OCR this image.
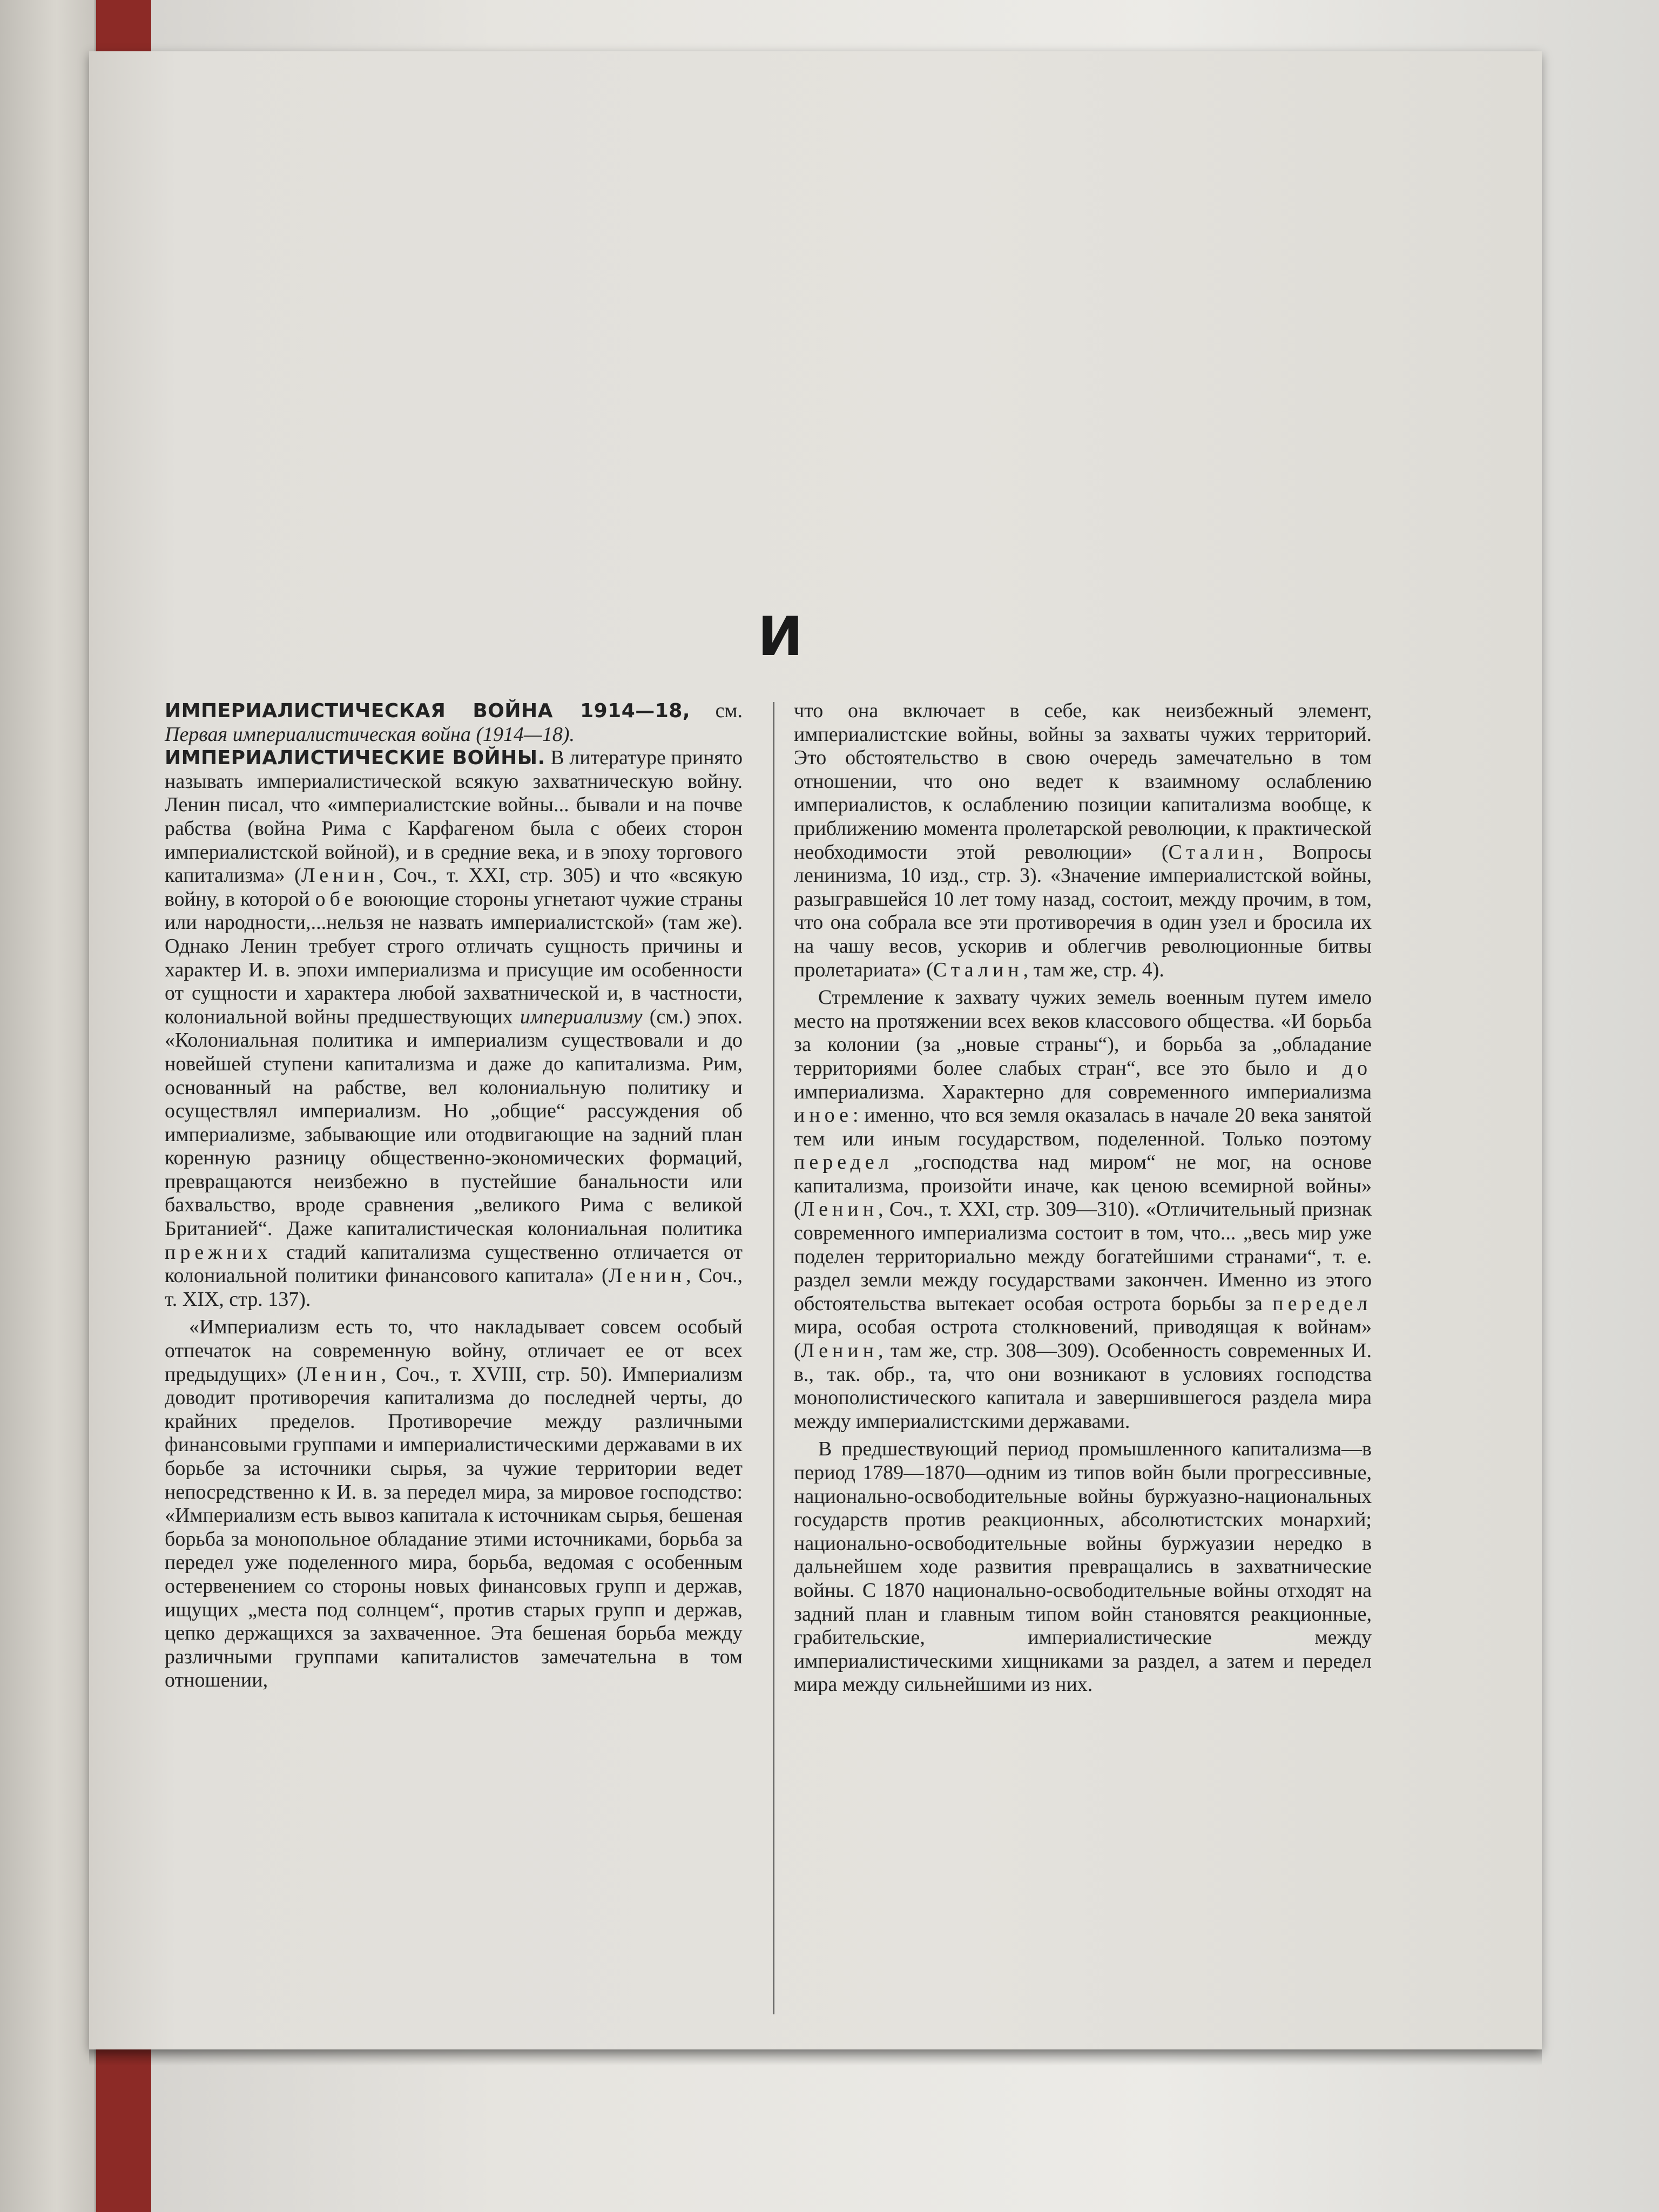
И

ИМПЕРИАЛИСТИЧЕСКАЯ ВОЙНА 1914—18, см. Первая империалистическая война (1914—18).

ИМПЕРИАЛИСТИЧЕСКИЕ ВОЙНЫ. В литературе принято называть империалистической всякую захватническую войну. Ленин писал, что «империалистские войны... бывали и на почве рабства (война Рима с Карфагеном была с обеих сторон империалистской войной), и в средние века, и в эпоху торгового капитализма» (Ленин, Соч., т. XXI, стр. 305) и что «всякую войну, в которой обе воюющие стороны угнетают чужие страны или народности,...нельзя не назвать империалистской» (там же). Однако Ленин требует строго отличать сущность причины и характер И. в. эпохи империализма и присущие им особенности от сущности и характера любой захватнической и, в частности, колониальной войны предшествующих империализму (см.) эпох. «Колониальная политика и империализм существовали и до новейшей ступени капитализма и даже до капитализма. Рим, основанный на рабстве, вел колониальную политику и осуществлял империализм. Но „общие“ рассуждения об империализме, забывающие или отодвигающие на задний план коренную разницу общественно-экономических формаций, превращаются неизбежно в пустейшие банальности или бахвальство, вроде сравнения „великого Рима с великой Британией“. Даже капиталистическая колониальная политика прежних стадий капитализма существенно отличается от колониальной политики финансового капитала» (Ленин, Соч., т. XIX, стр. 137).

«Империализм есть то, что накладывает совсем особый отпечаток на современную войну, отличает ее от всех предыдущих» (Ленин, Соч., т. XVIII, стр. 50). Империализм доводит противоречия капитализма до последней черты, до крайних пределов. Противоречие между различными финансовыми группами и империалистическими державами в их борьбе за источники сырья, за чужие территории ведет непосредственно к И. в. за передел мира, за мировое господство: «Империализм есть вывоз капитала к источникам сырья, бешеная борьба за монопольное обладание этими источниками, борьба за передел уже поделенного мира, борьба, ведомая с особенным остервенением со стороны новых финансовых групп и держав, ищущих „места под солнцем“, против старых групп и держав, цепко держащихся за захваченное. Эта бешеная борьба между различными группами капиталистов замечательна в том отношении,

что она включает в себе, как неизбежный элемент, империалистские войны, войны за захваты чужих территорий. Это обстоятельство в свою очередь замечательно в том отношении, что оно ведет к взаимному ослаблению империалистов, к ослаблению позиции капитализма вообще, к приближению момента пролетарской революции, к практической необходимости этой революции» (Сталин, Вопросы ленинизма, 10 изд., стр. 3). «Значение империалистской войны, разыгравшейся 10 лет тому назад, состоит, между прочим, в том, что она собрала все эти противоречия в один узел и бросила их на чашу весов, ускорив и облегчив революционные битвы пролетариата» (Сталин, там же, стр. 4).

Стремление к захвату чужих земель военным путем имело место на протяжении всех веков классового общества. «И борьба за колонии (за „новые страны“), и борьба за „обладание территориями более слабых стран“, все это было и до империализма. Характерно для современного империализма иное: именно, что вся земля оказалась в начале 20 века занятой тем или иным государством, поделенной. Только поэтому передел „господства над миром“ не мог, на основе капитализма, произойти иначе, как ценою всемирной войны» (Ленин, Соч., т. XXI, стр. 309—310). «Отличительный признак современного империализма состоит в том, что... „весь мир уже поделен территориально между богатейшими странами“, т. е. раздел земли между государствами закончен. Именно из этого обстоятельства вытекает особая острота борьбы за передел мира, особая острота столкновений, приводящая к войнам» (Ленин, там же, стр. 308—309). Особенность современных И. в., так. обр., та, что они возникают в условиях господства монополистического капитала и завершившегося раздела мира между империалистскими державами.

В предшествующий период промышленного капитализма—в период 1789—1870—одним из типов войн были прогрессивные, национально-освободительные войны буржуазно-национальных государств против реакционных, абсолютистских монархий; национально-освободительные войны буржуазии нередко в дальнейшем ходе развития превращались в захватнические войны. С 1870 национально-освободительные войны отходят на задний план и главным типом войн становятся реакционные, грабительские, империалистические между империалистическими хищниками за раздел, а затем и передел мира между сильнейшими из них.
